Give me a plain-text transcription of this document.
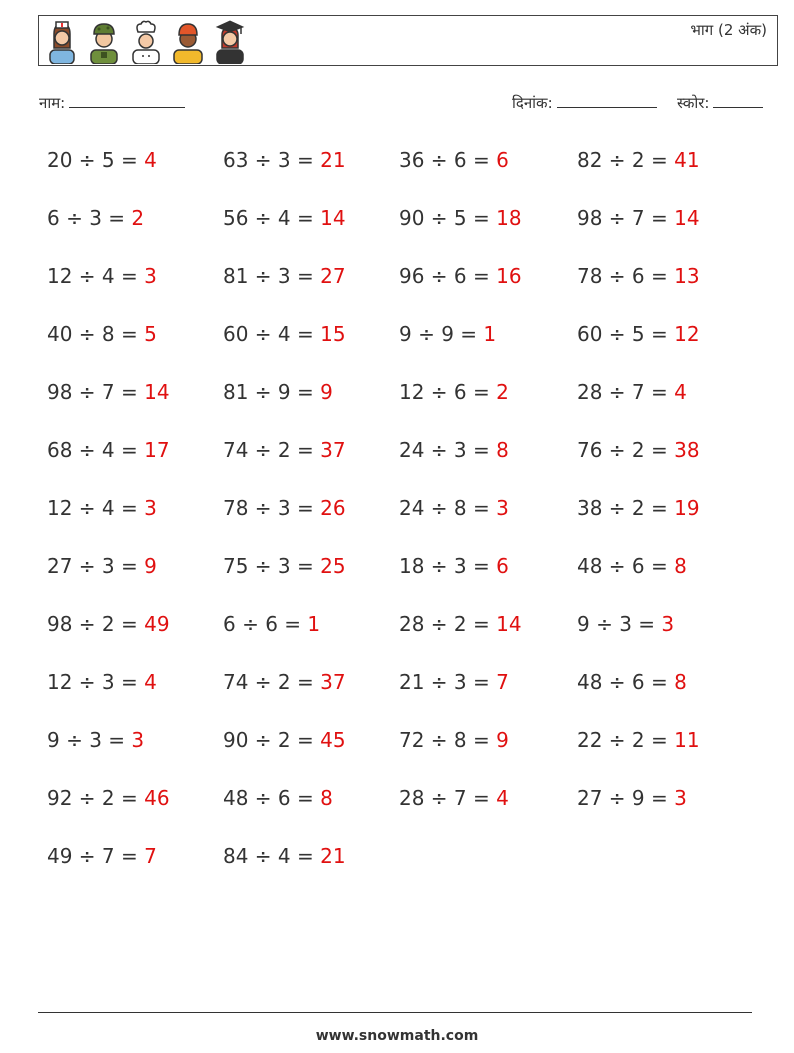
भाग (2 अंक)
नाम:	दिनांक:	स्कोर:
20 ÷ 5 = 4	63 ÷ 3 = 21	36 ÷ 6 = 6	82 ÷ 2 = 41
6 ÷ 3 = 2	56 ÷ 4 = 14	90 ÷ 5 = 18	98 ÷ 7 = 14
12 ÷ 4 = 3	81 ÷ 3 = 27	96 ÷ 6 = 16	78 ÷ 6 = 13
40 ÷ 8 = 5	60 ÷ 4 = 15	9 ÷ 9 = 1	60 ÷ 5 = 12
98 ÷ 7 = 14	81 ÷ 9 = 9	12 ÷ 6 = 2	28 ÷ 7 = 4
68 ÷ 4 = 17	74 ÷ 2 = 37	24 ÷ 3 = 8	76 ÷ 2 = 38
12 ÷ 4 = 3	78 ÷ 3 = 26	24 ÷ 8 = 3	38 ÷ 2 = 19
27 ÷ 3 = 9	75 ÷ 3 = 25	18 ÷ 3 = 6	48 ÷ 6 = 8
98 ÷ 2 = 49	6 ÷ 6 = 1	28 ÷ 2 = 14	9 ÷ 3 = 3
12 ÷ 3 = 4	74 ÷ 2 = 37	21 ÷ 3 = 7	48 ÷ 6 = 8
9 ÷ 3 = 3	90 ÷ 2 = 45	72 ÷ 8 = 9	22 ÷ 2 = 11
92 ÷ 2 = 46	48 ÷ 6 = 8	28 ÷ 7 = 4	27 ÷ 9 = 3
49 ÷ 7 = 7	84 ÷ 4 = 21
www.snowmath.com
